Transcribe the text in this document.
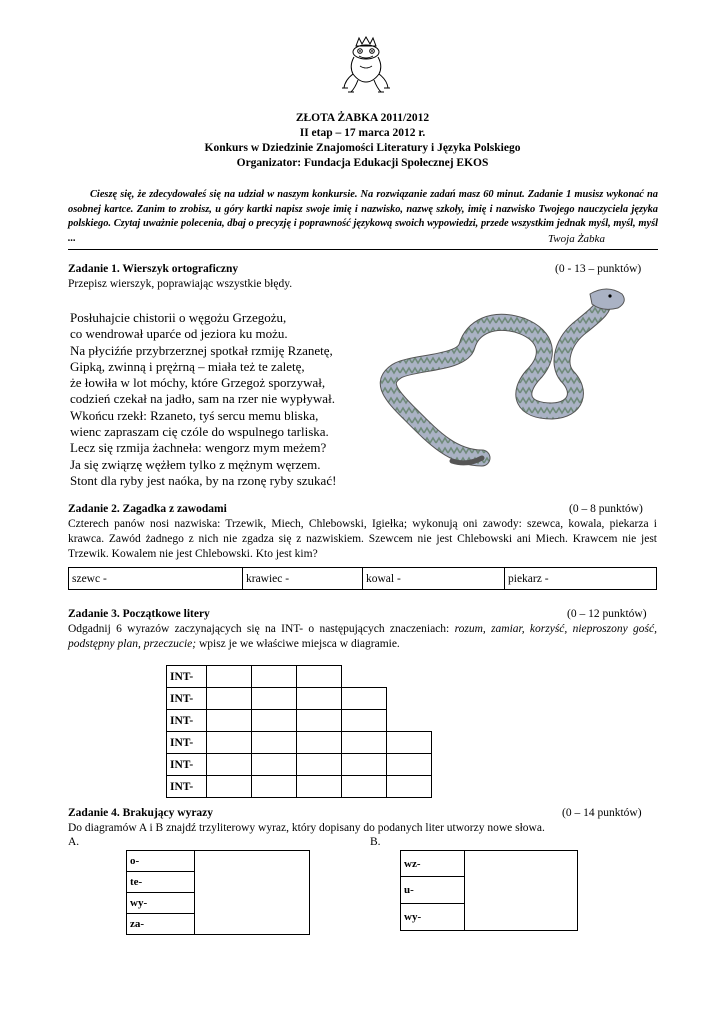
ZŁOTA ŻABKA 2011/2012
II etap – 17 marca 2012 r.
Konkurs w Dziedzinie Znajomości Literatury i Języka Polskiego
Organizator: Fundacja Edukacji Społecznej EKOS
Cieszę się, że zdecydowałeś się na udział w naszym konkursie. Na rozwiązanie zadań masz 60 minut. Zadanie 1 musisz wykonać na osobnej kartce. Zanim to zrobisz, u góry kartki napisz swoje imię i nazwisko, nazwę szkoły, imię i nazwisko Twojego nauczyciela języka polskiego. Czytaj uważnie polecenia, dbaj o precyzję i poprawność językową swoich wypowiedzi, przede wszystkim jednak myśl, myśl, myśl ...	Twoja Żabka
Zadanie 1. Wierszyk ortograficzny	(0 - 13 – punktów)
Przepisz wierszyk, poprawiając wszystkie błędy.
Posłuhajcie chistorii o węgożu Grzegożu,
co wendrował uparće od jeziora ku możu.
Na płyciźńe przybrzerznej spotkał rzmiję Rzanetę,
Gipką, zwinną i prężrną – miała też te zaletę,
że łowiła w lot móchy, które Grzegoż sporzywał,
codzień czekał na jadło, sam na rzer nie wypływał.
Wkońcu rzekł: Rzaneto, tyś sercu memu bliska,
wienc zapraszam cię czóle do wspulnego tarliska.
Lecz się rzmija żachneła: wengorz mym meżem?
Ja się zwiąrzę wężłem tylko z mężnym węrzem.
Stont dla ryby jest naóka, by na rzonę ryby szukać!
Zadanie 2. Zagadka z zawodami	(0 – 8 punktów)
Czterech panów nosi nazwiska: Trzewik, Miech, Chlebowski, Igiełka; wykonują oni zawody: szewca, kowala, piekarza i krawca. Zawód żadnego z nich nie zgadza się z nazwiskiem. Szewcem nie jest Chlebowski ani Miech. Krawcem nie jest Trzewik. Kowalem nie jest Chlebowski. Kto jest kim?
szewc -	krawiec -	kowal -	piekarz -
Zadanie 3. Początkowe litery	(0 – 12 punktów)
Odgadnij 6 wyrazów zaczynających się na INT- o następujących znaczeniach: rozum, zamiar, korzyść, nieproszony gość, podstępny plan, przeczucie; wpisz je we właściwe miejsca w diagramie.
INT-					
INT-					
INT-					
INT-					
INT-					
INT-					
Zadanie 4. Brakujący wyrazy	(0 – 14 punktów)
Do diagramów A i B znajdź trzyliterowy wyraz, który dopisany do podanych liter utworzy nowe słowa.
A.	B.
o-	
te-
wy-
za-
wz-	
u-
wy-
